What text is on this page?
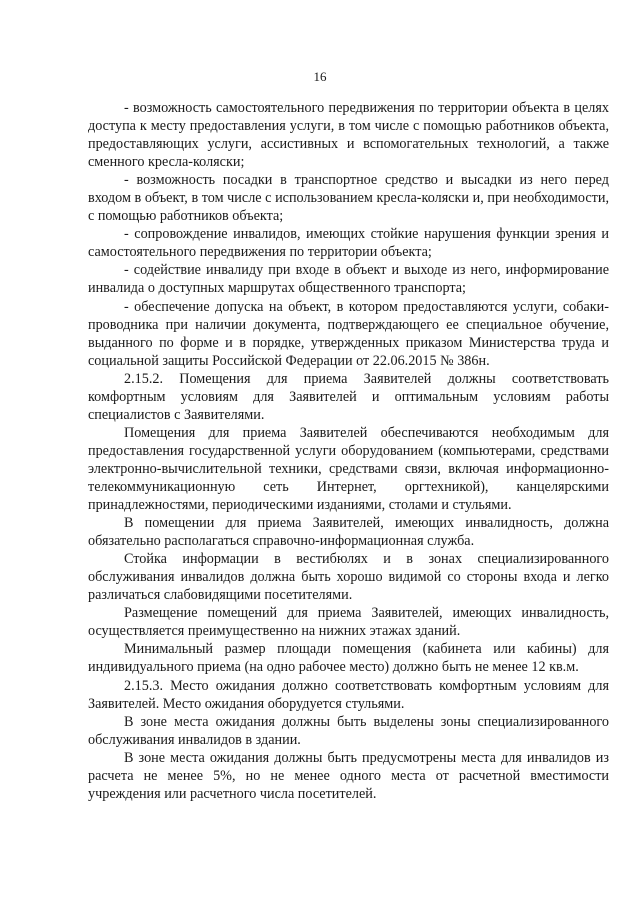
16

- возможность самостоятельного передвижения по территории объекта в целях доступа к месту предоставления услуги, в том числе с помощью работников объекта, предоставляющих услуги, ассистивных и вспомогательных технологий, а также сменного кресла-коляски;

- возможность посадки в транспортное средство и высадки из него перед входом в объект, в том числе с использованием кресла-коляски и, при необходимости, с помощью работников объекта;

- сопровождение инвалидов, имеющих стойкие нарушения функции зрения и самостоятельного передвижения по территории объекта;

- содействие инвалиду при входе в объект и выходе из него, информирование инвалида о доступных маршрутах общественного транспорта;

- обеспечение допуска на объект, в котором предоставляются услуги, собаки-проводника при наличии документа, подтверждающего ее специальное обучение, выданного по форме и в порядке, утвержденных приказом Министерства труда и социальной защиты Российской Федерации от 22.06.2015 № 386н.

2.15.2. Помещения для приема Заявителей должны соответствовать комфортным условиям для Заявителей и оптимальным условиям работы специалистов с Заявителями.

Помещения для приема Заявителей обеспечиваются необходимым для предоставления государственной услуги оборудованием (компьютерами, средствами электронно-вычислительной техники, средствами связи, включая информационно-телекоммуникационную сеть Интернет, оргтехникой), канцелярскими принадлежностями, периодическими изданиями, столами и стульями.

В помещении для приема Заявителей, имеющих инвалидность, должна обязательно располагаться справочно-информационная служба.

Стойка информации в вестибюлях и в зонах специализированного обслуживания инвалидов должна быть хорошо видимой со стороны входа и легко различаться слабовидящими посетителями.

Размещение помещений для приема Заявителей, имеющих инвалидность, осуществляется преимущественно на нижних этажах зданий.

Минимальный размер площади помещения (кабинета или кабины) для индивидуального приема (на одно рабочее место) должно быть не менее 12 кв.м.

2.15.3. Место ожидания должно соответствовать комфортным условиям для Заявителей. Место ожидания оборудуется стульями.

В зоне места ожидания должны быть выделены зоны специализированного обслуживания инвалидов в здании.

В зоне места ожидания должны быть предусмотрены места для инвалидов из расчета не менее 5%, но не менее одного места от расчетной вместимости учреждения или расчетного числа посетителей.
